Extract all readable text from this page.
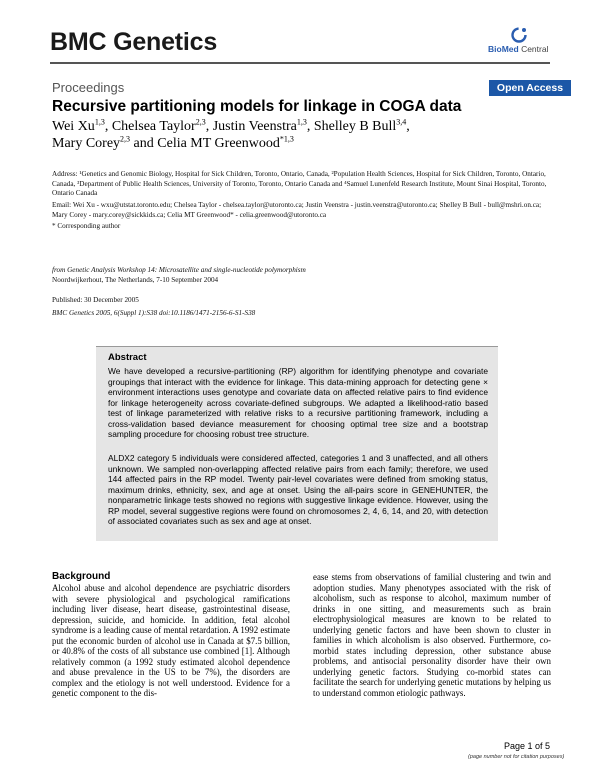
BMC Genetics	BioMed Central
Proceedings	Open Access
Recursive partitioning models for linkage in COGA data
Wei Xu$^{1,3}$, Chelsea Taylor$^{2,3}$, Justin Veenstra$^{1,3}$, Shelley B Bull$^{3,4}$,
Mary Corey$^{2,3}$ and Celia MT Greenwood$^{*1,3}$
Address: ¹Genetics and Genomic Biology, Hospital for Sick Children, Toronto, Ontario, Canada, ²Population Health Sciences, Hospital for Sick Children, Toronto, Ontario, Canada, ³Department of Public Health Sciences, University of Toronto, Toronto, Ontario Canada and ⁴Samuel Lunenfeld Research Institute, Mount Sinai Hospital, Toronto, Ontario Canada
Email: Wei Xu - wxu@utstat.toronto.edu; Chelsea Taylor - chelsea.taylor@utoronto.ca; Justin Veenstra - justin.veenstra@utoronto.ca; Shelley B Bull - bull@mshri.on.ca; Mary Corey - mary.corey@sickkids.ca; Celia MT Greenwood* - celia.greenwood@utoronto.ca
* Corresponding author
from Genetic Analysis Workshop 14: Microsatellite and single-nucleotide polymorphism
Noordwijkerhout, The Netherlands, 7-10 September 2004
Published: 30 December 2005
BMC Genetics 2005, 6(Suppl 1):S38 doi:10.1186/1471-2156-6-S1-S38
Abstract
We have developed a recursive-partitioning (RP) algorithm for identifying phenotype and covariate groupings that interact with the evidence for linkage. This data-mining approach for detecting gene × environment interactions uses genotype and covariate data on affected relative pairs to find evidence for linkage heterogeneity across covariate-defined subgroups. We adapted a likelihood-ratio based test of linkage parameterized with relative risks to a recursive partitioning framework, including a cross-validation based deviance measurement for choosing optimal tree size and a bootstrap sampling procedure for choosing robust tree structure.
ALDX2 category 5 individuals were considered affected, categories 1 and 3 unaffected, and all others unknown. We sampled non-overlapping affected relative pairs from each family; therefore, we used 144 affected pairs in the RP model. Twenty pair-level covariates were defined from smoking status, maximum drinks, ethnicity, sex, and age at onset. Using the all-pairs score in GENEHUNTER, the nonparametric linkage tests showed no regions with suggestive linkage evidence. However, using the RP model, several suggestive regions were found on chromosomes 2, 4, 6, 14, and 20, with detection of associated covariates such as sex and age at onset.
Background
Alcohol abuse and alcohol dependence are psychiatric disorders with severe physiological and psychological ramifications including liver disease, heart disease, gastrointestinal disease, depression, suicide, and homicide. In addition, fetal alcohol syndrome is a leading cause of mental retardation. A 1992 estimate put the economic burden of alcohol use in Canada at $7.5 billion, or 40.8% of the costs of all substance use combined [1]. Although relatively common (a 1992 study estimated alcohol dependence and abuse prevalence in the US to be 7%), the disorders are complex and the etiology is not well understood. Evidence for a genetic component to the dis-
ease stems from observations of familial clustering and twin and adoption studies. Many phenotypes associated with the risk of alcoholism, such as response to alcohol, maximum number of drinks in one sitting, and measurements such as brain electrophysiological measures are known to be related to underlying genetic factors and have been shown to cluster in families in which alcoholism is also observed. Furthermore, co-morbid states including depression, other substance abuse problems, and antisocial personality disorder have their own underlying genetic factors. Studying co-morbid states can facilitate the search for underlying genetic mutations by helping us to understand common etiologic pathways.
Page 1 of 5
(page number not for citation purposes)
